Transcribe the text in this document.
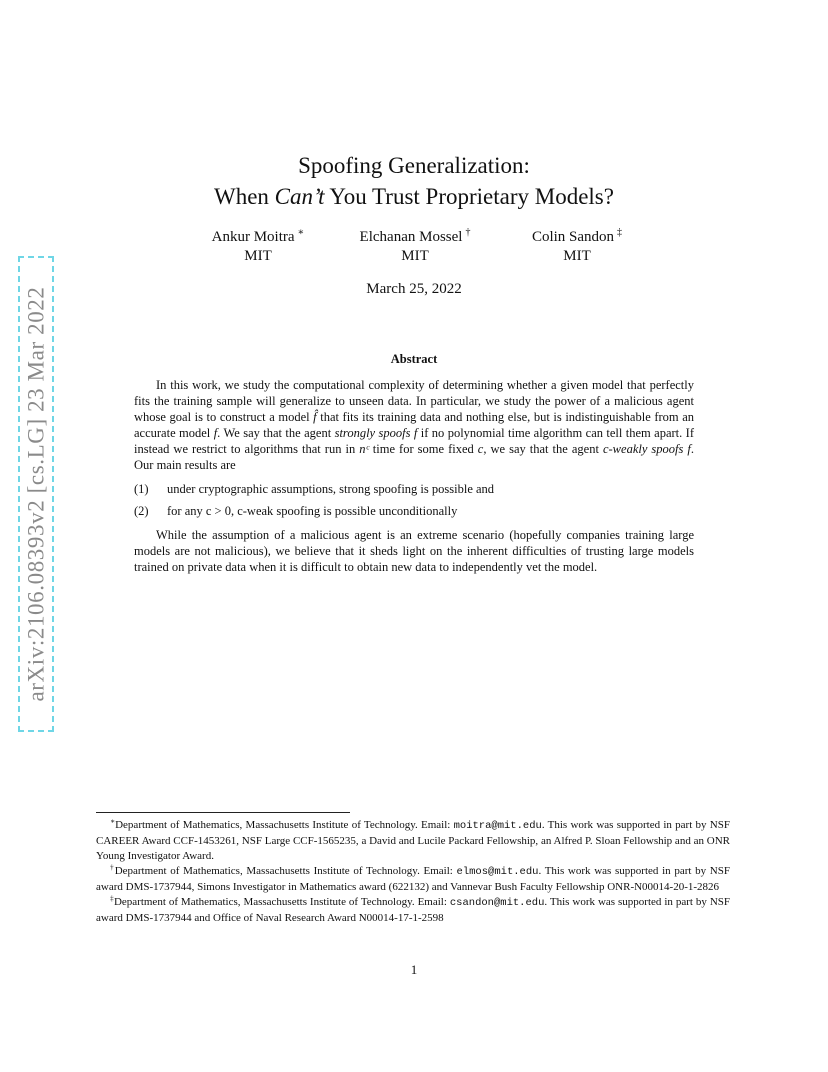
arXiv:2106.08393v2 [cs.LG] 23 Mar 2022
Spoofing Generalization:
When Can’t You Trust Proprietary Models?
Ankur Moitra ∗
MIT
Elchanan Mossel †
MIT
Colin Sandon ‡
MIT
March 25, 2022
Abstract

In this work, we study the computational complexity of determining whether a given model that perfectly fits the training sample will generalize to unseen data. In particular, we study the power of a malicious agent whose goal is to construct a model f̂ that fits its training data and nothing else, but is indistinguishable from an accurate model f. We say that the agent strongly spoofs f if no polynomial time algorithm can tell them apart. If instead we restrict to algorithms that run in nᶜ time for some fixed c, we say that the agent c-weakly spoofs f. Our main results are

(1)	under cryptographic assumptions, strong spoofing is possible and
(2)	for any c > 0, c-weak spoofing is possible unconditionally

While the assumption of a malicious agent is an extreme scenario (hopefully companies training large models are not malicious), we believe that it sheds light on the inherent difficulties of trusting large models trained on private data when it is difficult to obtain new data to independently vet the model.

∗Department of Mathematics, Massachusetts Institute of Technology. Email: moitra@mit.edu. This work was supported in part by NSF CAREER Award CCF-1453261, NSF Large CCF-1565235, a David and Lucile Packard Fellowship, an Alfred P. Sloan Fellowship and an ONR Young Investigator Award.

†Department of Mathematics, Massachusetts Institute of Technology. Email: elmos@mit.edu. This work was supported in part by NSF award DMS-1737944, Simons Investigator in Mathematics award (622132) and Vannevar Bush Faculty Fellowship ONR-N00014-20-1-2826

‡Department of Mathematics, Massachusetts Institute of Technology. Email: csandon@mit.edu. This work was supported in part by NSF award DMS-1737944 and Office of Naval Research Award N00014-17-1-2598

1
